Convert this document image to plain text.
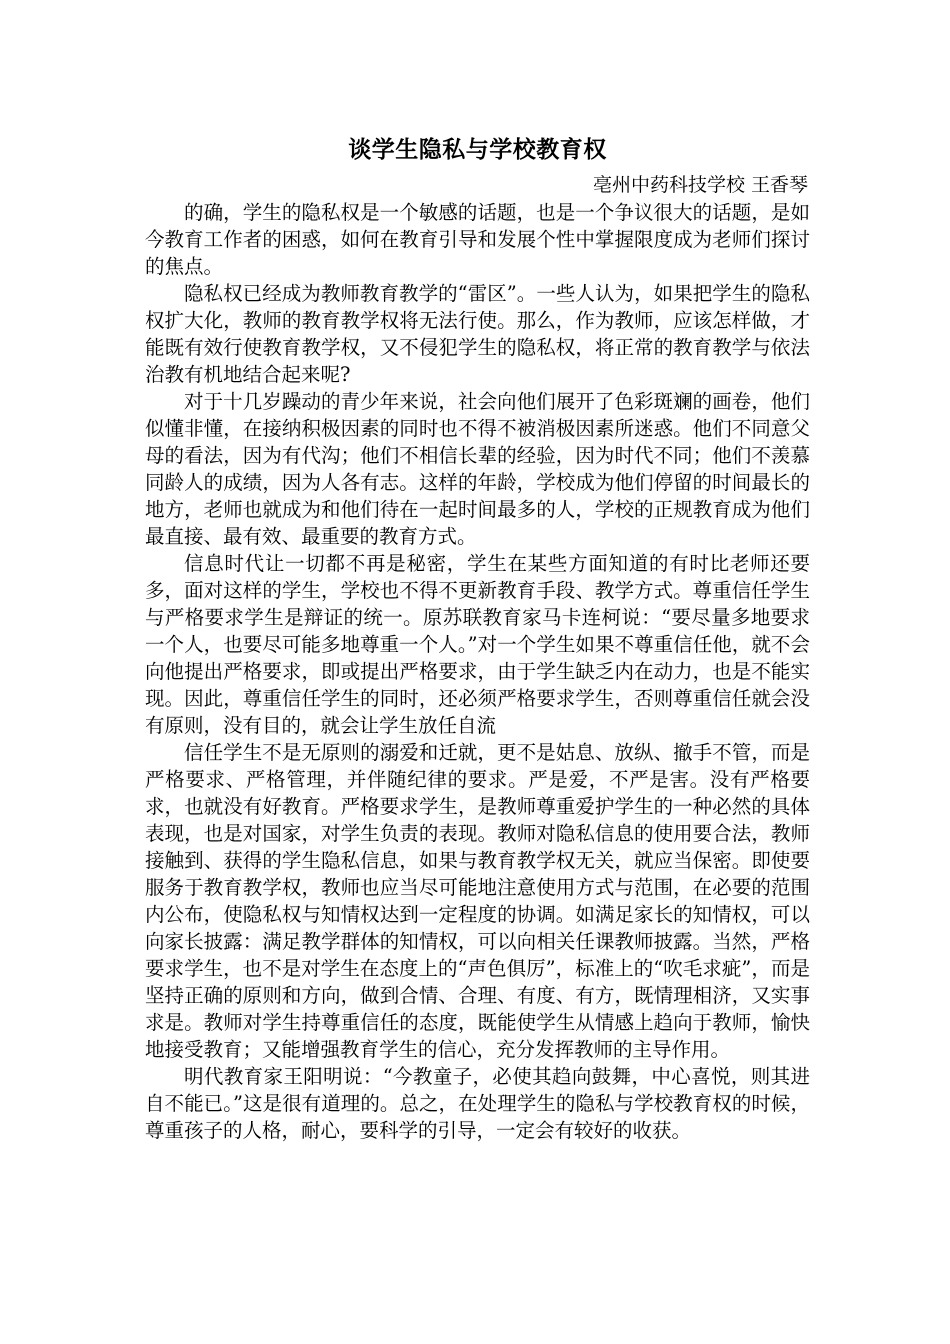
谈学生隐私与学校教育权

亳州中药科技学校 王香琴

的确，学生的隐私权是一个敏感的话题，也是一个争议很大的话题，是如今教育工作者的困惑，如何在教育引导和发展个性中掌握限度成为老师们探讨的焦点。

隐私权已经成为教师教育教学的“雷区”。一些人认为，如果把学生的隐私权扩大化，教师的教育教学权将无法行使。那么，作为教师，应该怎样做，才能既有效行使教育教学权，又不侵犯学生的隐私权，将正常的教育教学与依法治教有机地结合起来呢?

对于十几岁躁动的青少年来说，社会向他们展开了色彩斑斓的画卷，他们似懂非懂，在接纳积极因素的同时也不得不被消极因素所迷惑。他们不同意父母的看法，因为有代沟；他们不相信长辈的经验，因为时代不同；他们不羡慕同龄人的成绩，因为人各有志。这样的年龄，学校成为他们停留的时间最长的地方，老师也就成为和他们待在一起时间最多的人，学校的正规教育成为他们最直接、最有效、最重要的教育方式。

信息时代让一切都不再是秘密，学生在某些方面知道的有时比老师还要多，面对这样的学生，学校也不得不更新教育手段、教学方式。尊重信任学生与严格要求学生是辩证的统一。原苏联教育家马卡连柯说：“要尽量多地要求一个人，也要尽可能多地尊重一个人。”对一个学生如果不尊重信任他，就不会向他提出严格要求，即或提出严格要求，由于学生缺乏内在动力，也是不能实现。因此，尊重信任学生的同时，还必须严格要求学生，否则尊重信任就会没有原则，没有目的，就会让学生放任自流

信任学生不是无原则的溺爱和迁就，更不是姑息、放纵、撤手不管，而是严格要求、严格管理，并伴随纪律的要求。严是爱，不严是害。没有严格要求，也就没有好教育。严格要求学生，是教师尊重爱护学生的一种必然的具体表现，也是对国家，对学生负责的表现。教师对隐私信息的使用要合法，教师接触到、获得的学生隐私信息，如果与教育教学权无关，就应当保密。即使要服务于教育教学权，教师也应当尽可能地注意使用方式与范围，在必要的范围内公布，使隐私权与知情权达到一定程度的协调。如满足家长的知情权，可以向家长披露：满足教学群体的知情权，可以向相关任课教师披露。当然，严格要求学生，也不是对学生在态度上的“声色俱厉”，标准上的“吹毛求疵”，而是坚持正确的原则和方向，做到合情、合理、有度、有方，既情理相济，又实事求是。教师对学生持尊重信任的态度，既能使学生从情感上趋向于教师，愉快地接受教育；又能增强教育学生的信心，充分发挥教师的主导作用。

明代教育家王阳明说：“今教童子，必使其趋向鼓舞，中心喜悦，则其进自不能已。”这是很有道理的。总之，在处理学生的隐私与学校教育权的时候，尊重孩子的人格，耐心，要科学的引导，一定会有较好的收获。
